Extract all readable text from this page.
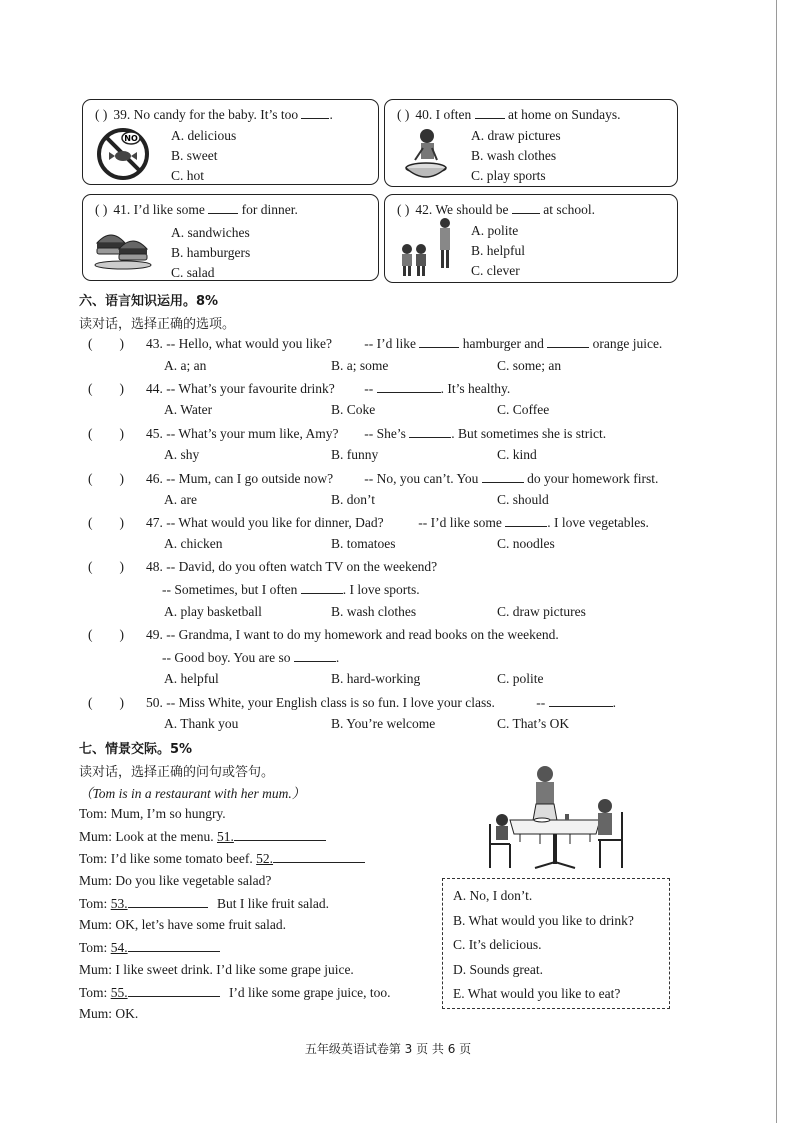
( ) 39. No candy for the baby. It’s too .
NO A. delicious
B. sweet
C. hot
( ) 40. I often	at home on Sundays.
A. draw pictures
B. wash clothes
C. play sports
( ) 41. I’d like some	for dinner.
A. sandwiches
B. hamburgers
C. salad
( ) 42. We should be	at school.
A. polite
B. helpful
C. clever
六、语言知识运用。8%
读对话，选择正确的选项。
(        ) 43. -- Hello, what would you like? -- I’d like	hamburger and	orange juice.
A. a; an	B. a; some	C. some; an
(        ) 44. -- What’s your favourite drink? --	. It’s healthy.
A. Water	B. Coke	C. Coffee
(        ) 45. -- What’s your mum like, Amy? -- She’s	. But sometimes she is strict.
A. shy	B. funny	C. kind
(        ) 46. -- Mum, can I go outside now? -- No, you can’t. You	do your homework first.
A. are	B. don’t	C. should
(        ) 47. -- What would you like for dinner, Dad?	-- I’d like some	. I love vegetables.
A. chicken	B. tomatoes	C. noodles
(        ) 48. -- David, do you often watch TV on the weekend?
-- Sometimes, but I often	. I love sports.
A. play basketball	B. wash clothes	C. draw pictures
(        ) 49. -- Grandma, I want to do my homework and read books on the weekend.
-- Good boy. You are so	.
A. helpful	B. hard-working	C. polite
(        ) 50. -- Miss White, your English class is so fun. I love your class.	--	.
A. Thank you	B. You’re welcome	C. That’s OK
七、情景交际。5%
读对话，选择正确的问句或答句。
（Tom is in a restaurant with her mum.）
Tom: Mum, I’m so hungry.
Mum: Look at the menu. 51.
Tom: I’d like some tomato beef. 52.
Mum: Do you like vegetable salad?
Tom: 53.	But I like fruit salad.
Mum: OK, let’s have some fruit salad.
Tom: 54.
Mum: I like sweet drink. I’d like some grape juice.
Tom: 55.	I’d like some grape juice, too.
Mum: OK.
A. No, I don’t.
B. What would you like to drink?
C. It’s delicious.
D. Sounds great.
E. What would you like to eat?
五年级英语试卷第 3 页 共 6 页
